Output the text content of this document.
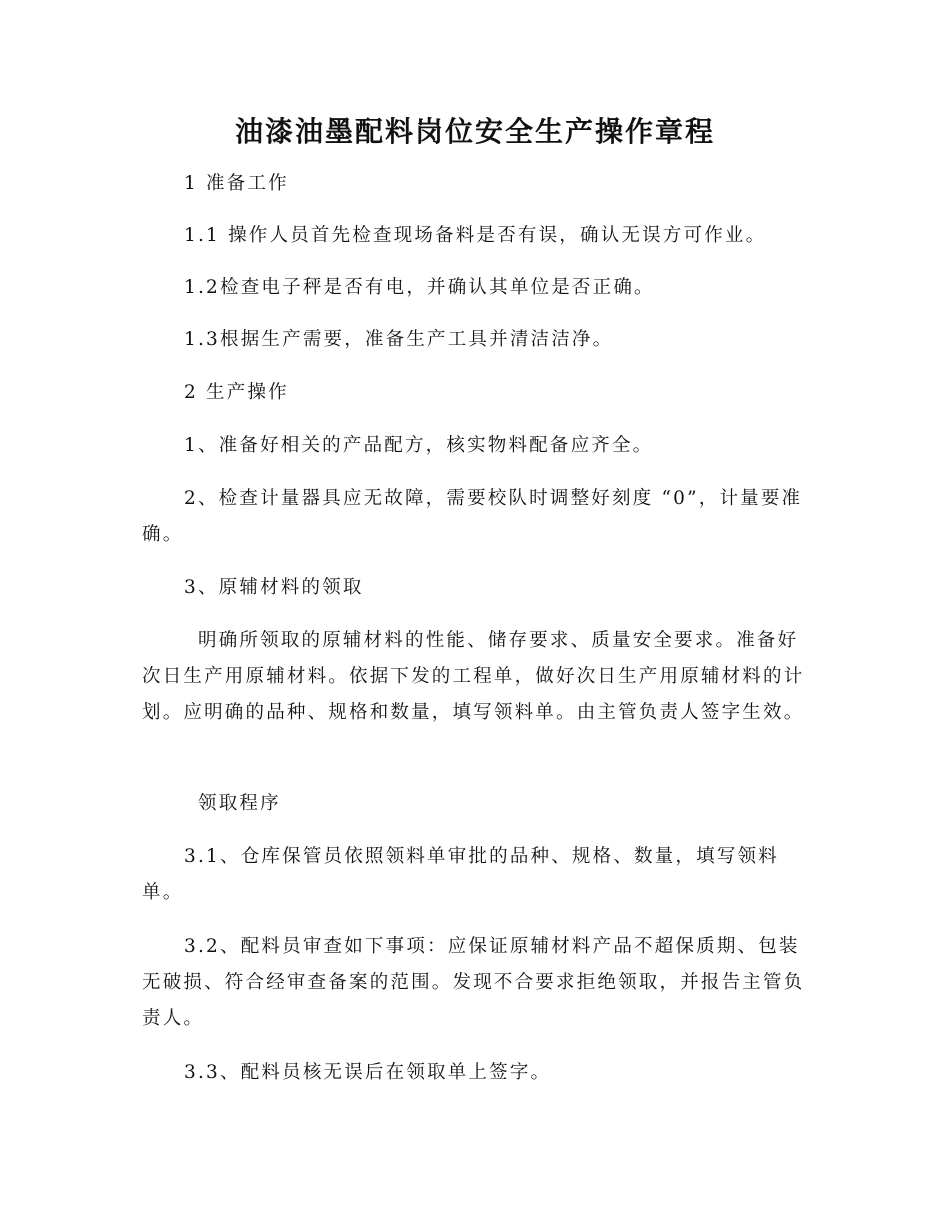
油漆油墨配料岗位安全生产操作章程

1 准备工作

1.1 操作人员首先检查现场备料是否有误，确认无误方可作业。

1.2检查电子秤是否有电，并确认其单位是否正确。

1.3根据生产需要，准备生产工具并清洁洁净。

2 生产操作

1、准备好相关的产品配方，核实物料配备应齐全。

2、检查计量器具应无故障，需要校队时调整好刻度 “0”，计量要准确。

3、原辅材料的领取

明确所领取的原辅材料的性能、储存要求、质量安全要求。准备好次日生产用原辅材料。依据下发的工程单，做好次日生产用原辅材料的计划。应明确的品种、规格和数量，填写领料单。由主管负责人签字生效。

领取程序

3.1、仓库保管员依照领料单审批的品种、规格、数量，填写领料单。

3.2、配料员审查如下事项：应保证原辅材料产品不超保质期、包装无破损、符合经审查备案的范围。发现不合要求拒绝领取，并报告主管负责人。

3.3、配料员核无误后在领取单上签字。
